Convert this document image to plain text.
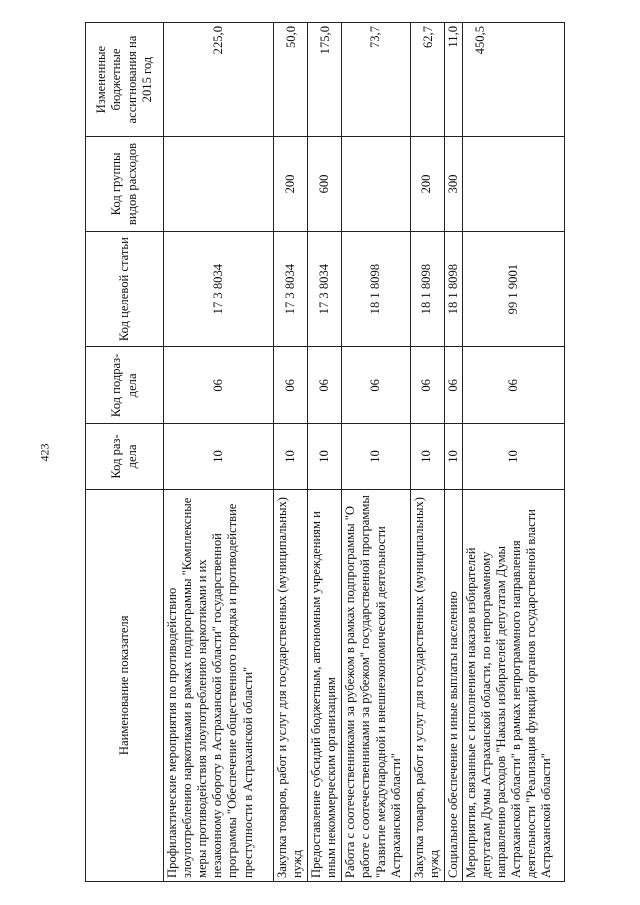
423
Наименование показателя	Код раз-дела	Код подраз-дела	Код целевой статьи	Код группы видов расходов	Измененные бюджетные ассигнования на 2015 год
Профилактические мероприятия по противодействию злоупотреблению наркотиками в рамках подпрограммы "Комплексные меры противодействия злоупотреблению наркотиками и их незаконному обороту в Астраханской области" государственной программы "Обеспечение общественного порядка и противодействие преступности в Астраханской области"	10	06	17 3 8034		225,0
Закупка товаров, работ и услуг для государственных (муниципальных) нужд	10	06	17 3 8034	200	50,0
Предоставление субсидий бюджетным, автономным учреждениям и иным некоммерческим организациям	10	06	17 3 8034	600	175,0
Работа с соотечественниками за рубежом в рамках подпрограммы "О работе с соотечественниками за рубежом" государственной программы "Развитие международной и внешнеэкономической деятельности Астраханской области"	10	06	18 1 8098		73,7
Закупка товаров, работ и услуг для государственных (муниципальных) нужд	10	06	18 1 8098	200	62,7
Социальное обеспечение и иные выплаты населению	10	06	18 1 8098	300	11,0
Мероприятия, связанные с исполнением наказов избирателей депутатам Думы Астраханской области, по непрограммному направлению расходов "Наказы избирателей депутатам Думы Астраханской области" в рамках непрограммного направления деятельности "Реализация функций органов государственной власти Астраханской области"	10	06	99 1 9001		450,5
